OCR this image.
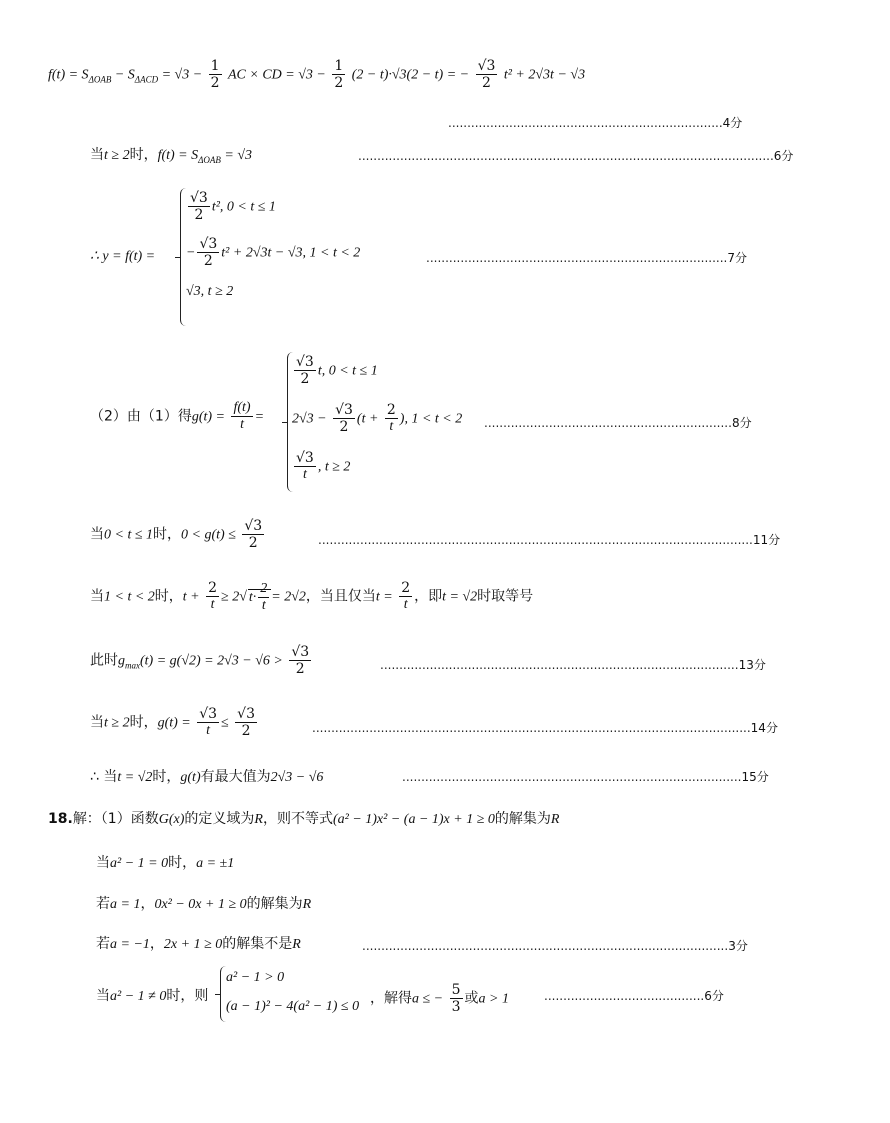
$f(t) = S_{\Delta OAB} - S_{\Delta ACD} = √3 - \frac{1}{2}$ AC × CD = $√3 - \frac{1}{2} (2 - t)\cdot√3(2 - t)$ = − $\frac{√3}{2} t^2 + 2√3t - √3$
........................................................................4分
当t ≥ 2时，$f(t) = S_{\Delta OAB} = √3$	.............................................................................................................6分
∴ y = f(t) =
$\frac{√3}{2} t^2$, 0 < t ≤ 1
− $\frac{√3}{2} t^2 + 2√3t - √3$, 1 < t < 2
√3, t ≥ 2
...............................................................................7分
（2）由（1）得$g(t) = \frac{f(t)}{t}$ =
$\frac{√3}{2} t$, 0 < t ≤ 1
$2√3 - \frac{√3}{2} (t + \frac{2}{t}$ ), 1 < t < 2
$\frac{√3}{t}$ , t ≥ 2
.................................................................8分
当0 < t ≤ 1时，$0 < g(t) \le \frac{√3}{2}$	..................................................................................................................11分
当1 < t < 2时，$t + \frac{2}{t} \ge 2√$ $t\cdot \frac{2}{t} = 2√2$，当且仅当$t = \frac{2}{t}$ ，即t = √2时取等号
此时$g_{max}(t) = g(√2) = 2√3 - √6 > \frac{√3}{2}$	..............................................................................................13分
当t ≥ 2时，$g(t) = \frac{√3}{t} \le \frac{√3}{2}$	...................................................................................................................14分
∴ 当t = √2时，g(t)有最大值为2√3 − √6	.........................................................................................15分
18.解：（1）函数G(x)的定义域为R，则不等式(a² − 1)x² − (a − 1)x + 1 ≥ 0的解集为R
当a² − 1 = 0时，a = ±1
若a = 1，0x² − 0x + 1 ≥ 0的解集为R
若a = −1，2x + 1 ≥ 0的解集不是R	................................................................................................3分
当a² − 1 ≠ 0时，则
a² − 1 > 0
(a − 1)² − 4(a² − 1) ≤ 0 ，解得a ≤ − $\frac{5}{3}$ 或a > 1	..........................................6分
